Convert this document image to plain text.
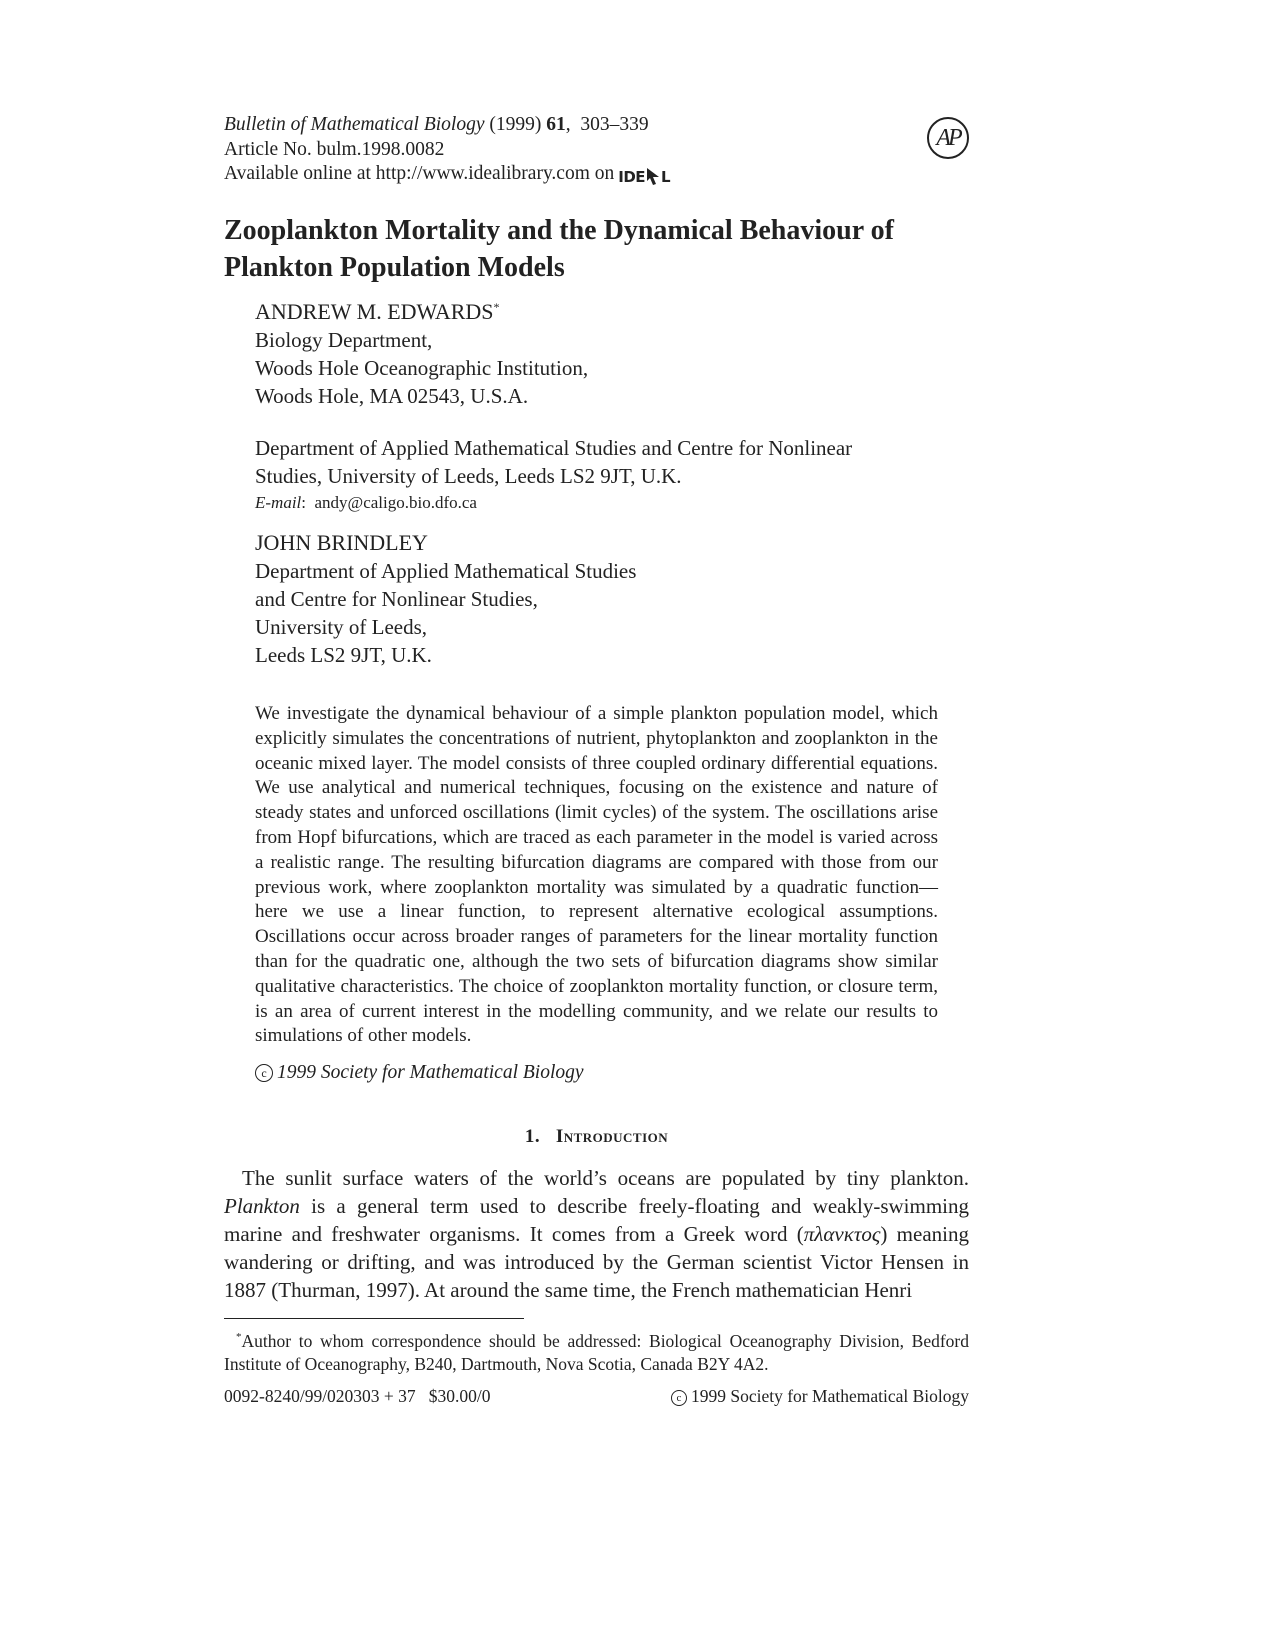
Bulletin of Mathematical Biology (1999) 61,  303–339
Article No. bulm.1998.0082
Available online at http://www.idealibrary.com on IDE L
AP
Zooplankton Mortality and the Dynamical Behaviour of Plankton Population Models
ANDREW M. EDWARDS*
Biology Department,
Woods Hole Oceanographic Institution,
Woods Hole, MA 02543, U.S.A.
Department of Applied Mathematical Studies and Centre for Nonlinear
Studies, University of Leeds, Leeds LS2 9JT, U.K.
E-mail:  andy@caligo.bio.dfo.ca
JOHN BRINDLEY
Department of Applied Mathematical Studies
and Centre for Nonlinear Studies,
University of Leeds,
Leeds LS2 9JT, U.K.
We investigate the dynamical behaviour of a simple plankton population model, which explicitly simulates the concentrations of nutrient, phytoplankton and zooplankton in the oceanic mixed layer. The model consists of three coupled ordinary differential equations. We use analytical and numerical techniques, focusing on the existence and nature of steady states and unforced oscillations (limit cycles) of the system. The oscillations arise from Hopf bifurcations, which are traced as each parameter in the model is varied across a realistic range. The resulting bifurcation diagrams are compared with those from our previous work, where zooplankton mortality was simulated by a quadratic function—here we use a linear function, to represent alternative ecological assumptions. Oscillations occur across broader ranges of parameters for the linear mortality function than for the quadratic one, although the two sets of bifurcation diagrams show similar qualitative characteristics. The choice of zooplankton mortality function, or closure term, is an area of current interest in the modelling community, and we relate our results to simulations of other models.
c 1999 Society for Mathematical Biology
1. Introduction
The sunlit surface waters of the world’s oceans are populated by tiny plankton. Plankton is a general term used to describe freely-floating and weakly-swimming marine and freshwater organisms. It comes from a Greek word (πλανκτος) meaning wandering or drifting, and was introduced by the German scientist Victor Hensen in 1887 (Thurman, 1997). At around the same time, the French mathematician Henri
*Author to whom correspondence should be addressed: Biological Oceanography Division, Bedford Institute of Oceanography, B240, Dartmouth, Nova Scotia, Canada B2Y 4A2.
0092-8240/99/020303 + 37   $30.00/0	c 1999 Society for Mathematical Biology
